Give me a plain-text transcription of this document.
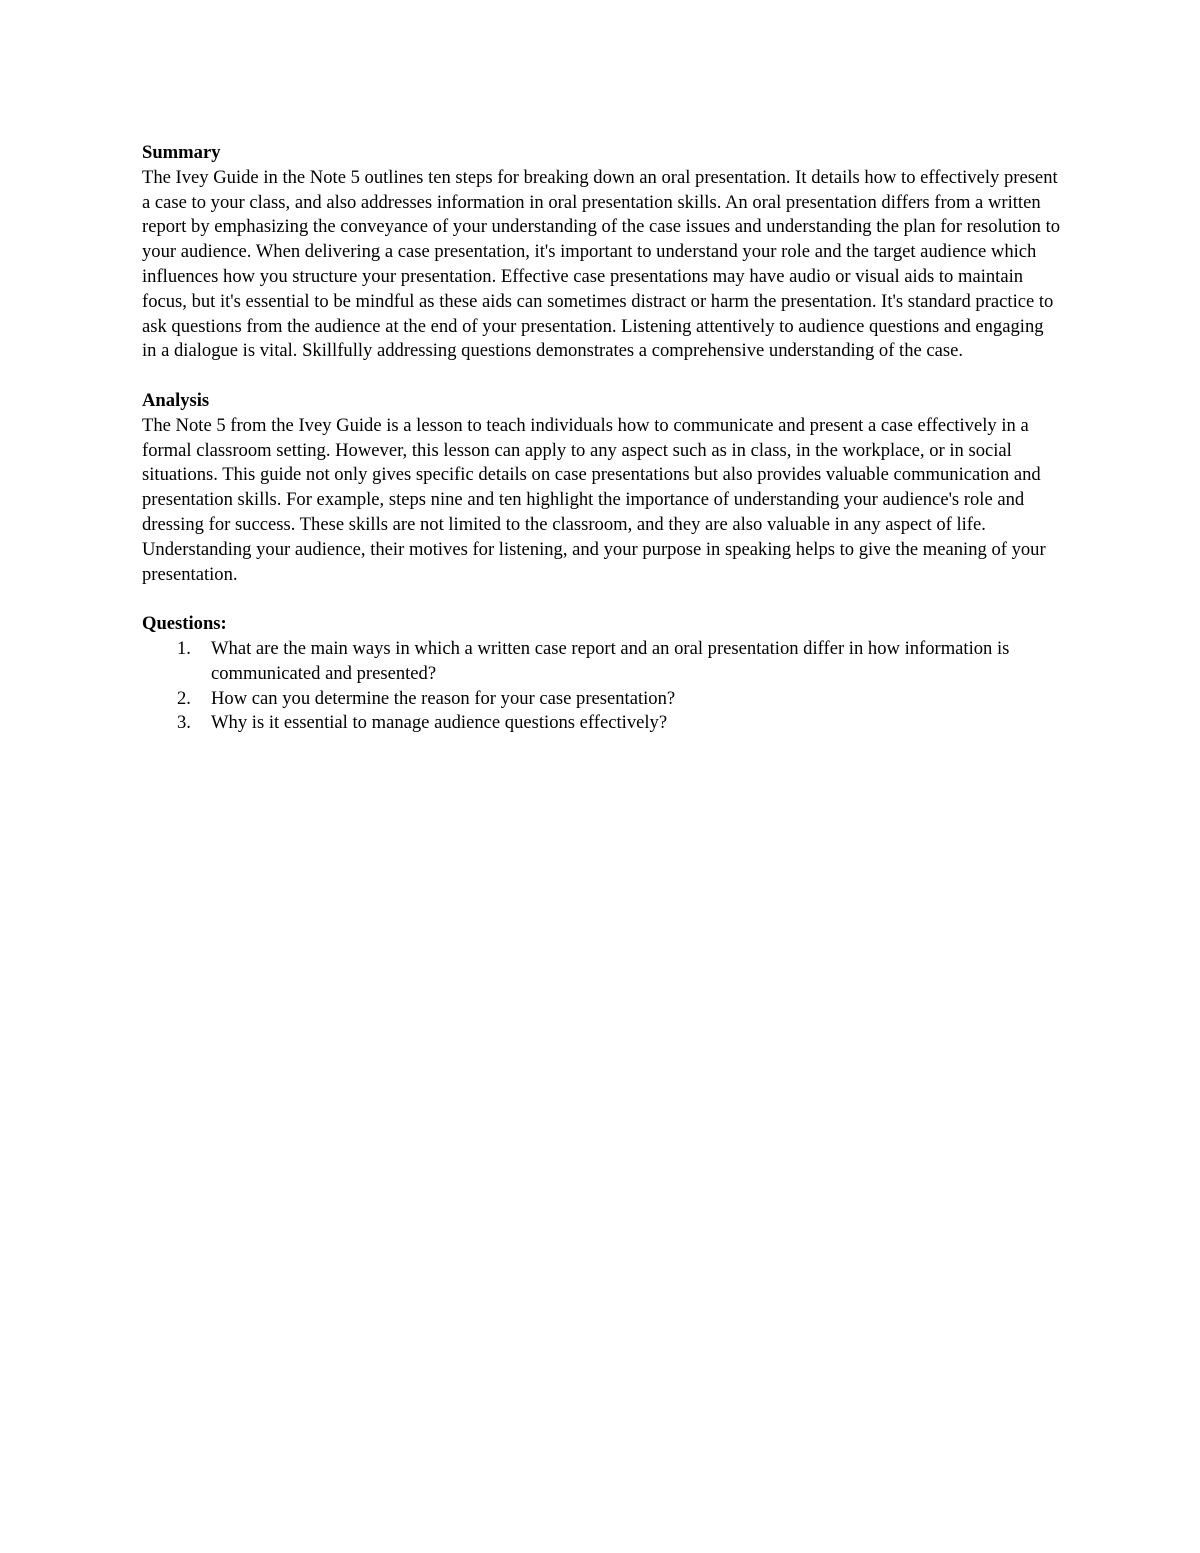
Summary

The Ivey Guide in the Note 5 outlines ten steps for breaking down an oral presentation. It details how to effectively present a case to your class, and also addresses information in oral presentation skills. An oral presentation differs from a written report by emphasizing the conveyance of your understanding of the case issues and understanding the plan for resolution to your audience. When delivering a case presentation, it's important to understand your role and the target audience which influences how you structure your presentation. Effective case presentations may have audio or visual aids to maintain focus, but it's essential to be mindful as these aids can sometimes distract or harm the presentation. It's standard practice to ask questions from the audience at the end of your presentation. Listening attentively to audience questions and engaging in a dialogue is vital. Skillfully addressing questions demonstrates a comprehensive understanding of the case.

Analysis

The Note 5 from the Ivey Guide is a lesson to teach individuals how to communicate and present a case effectively in a formal classroom setting. However, this lesson can apply to any aspect such as in class, in the workplace, or in social situations. This guide not only gives specific details on case presentations but also provides valuable communication and presentation skills. For example, steps nine and ten highlight the importance of understanding your audience's role and dressing for success. These skills are not limited to the classroom, and they are also valuable in any aspect of life. Understanding your audience, their motives for listening, and your purpose in speaking helps to give the meaning of your presentation.

Questions:

1. What are the main ways in which a written case report and an oral presentation differ in how information is communicated and presented?
2. How can you determine the reason for your case presentation?
3. Why is it essential to manage audience questions effectively?
